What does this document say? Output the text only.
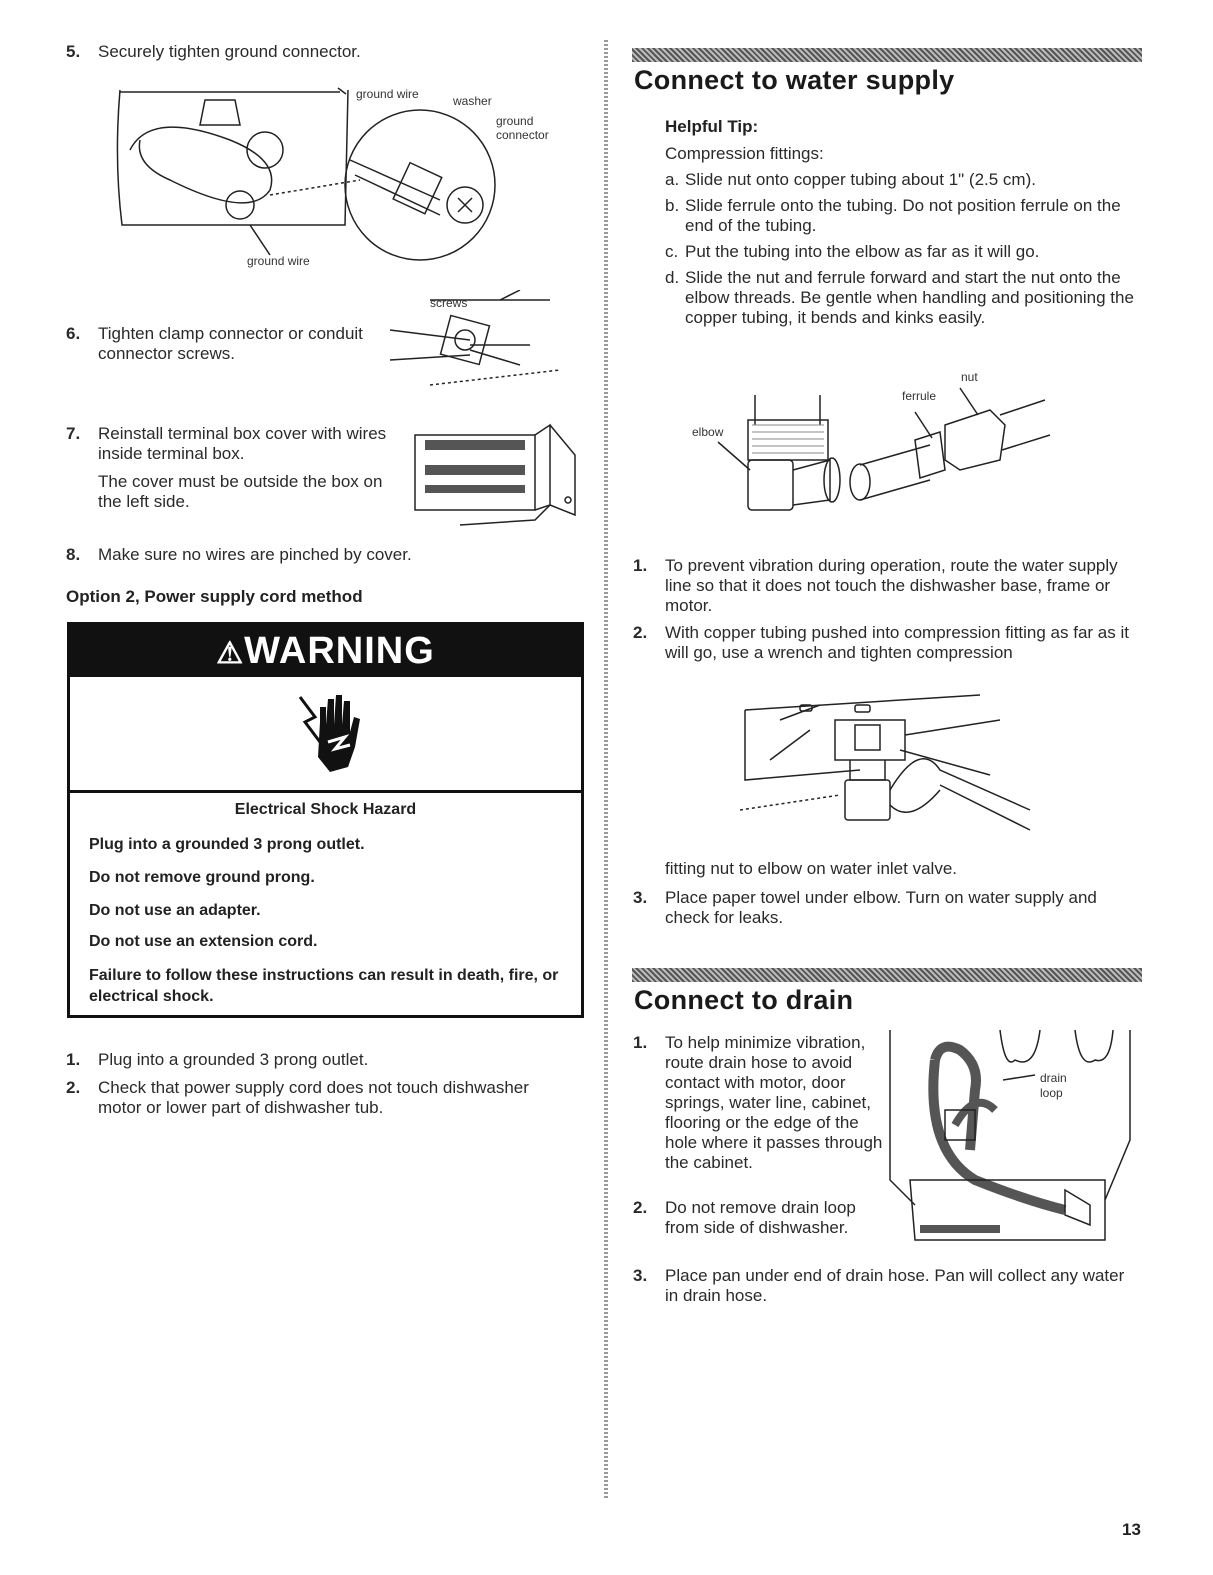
5.	Securely tighten ground connector.
ground wire	washer
ground connector
ground wire
6.	Tighten clamp connector or conduit connector screws.
screws
7.	Reinstall terminal box cover with wires inside terminal box.
The cover must be outside the box on the left side.
8.	Make sure no wires are pinched by cover.
Option 2, Power supply cord method
⚠WARNING
Electrical Shock Hazard
Plug into a grounded 3 prong outlet.
Do not remove ground prong.
Do not use an adapter.
Do not use an extension cord.
Failure to follow these instructions can result in death, fire, or electrical shock.
1.	Plug into a grounded 3 prong outlet.
2.	Check that power supply cord does not touch dishwasher motor or lower part of dishwasher tub.
Connect to water supply
Helpful Tip:
Compression fittings:
a. Slide nut onto copper tubing about 1" (2.5 cm).
b. Slide ferrule onto the tubing. Do not position ferrule on the end of the tubing.
c. Put the tubing into the elbow as far as it will go.
d. Slide the nut and ferrule forward and start the nut onto the elbow threads. Be gentle when handling and positioning the copper tubing, it bends and kinks easily.
nut
ferrule
elbow
1.	To prevent vibration during operation, route the water supply line so that it does not touch the dishwasher base, frame or motor.
2.	With copper tubing pushed into compression fitting as far as it will go, use a wrench and tighten compression
fitting nut to elbow on water inlet valve.
3.	Place paper towel under elbow. Turn on water supply and check for leaks.
Connect to drain
1.	To help minimize vibration, route drain hose to avoid contact with motor, door springs, water line, cabinet, flooring or the edge of the hole where it passes through the cabinet.
2.	Do not remove drain loop from side of dishwasher.
3.	Place pan under end of drain hose. Pan will collect any water in drain hose.
drain loop
13
